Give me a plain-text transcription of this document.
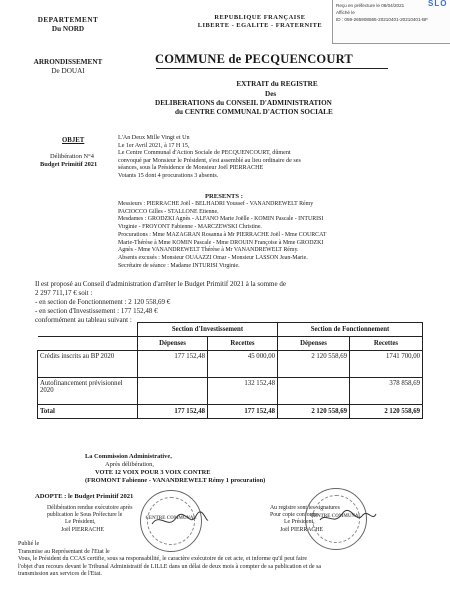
Reçu en préfecture le 06/04/2021
Affiché le
ID : 059-265908565-20210401-20210401-BF
SLO
DEPARTEMENT
Du NORD
ARRONDISSEMENT
De DOUAI
REPUBLIQUE FRANÇAISE
LIBERTE - EGALITE - FRATERNITE
COMMUNE de PECQUENCOURT
EXTRAIT du REGISTRE
Des
DELIBERATIONS du CONSEIL D'ADMINISTRATION
du CENTRE COMMUNAL D'ACTION SOCIALE
OBJET
Délibération N°4
Budget Primitif 2021
L'An Deux Mille Vingt et Un
Le 1er Avril 2021, à 17 H 15,
Le Centre Communal d'Action Sociale de PECQUENCOURT, dûment
convoqué par Monsieur le Président, s'est assemblé au lieu ordinaire de ses
séances, sous la Présidence de Monsieur Joël PIERRACHE
Votants 15 dont 4 procurations 3 absents.
PRESENTS :
Messieurs : PIERRACHE Joël - BELHADRI Youssef - VANANDREWELT Rémy
PACIOCCO Gilles - STALLONE Etienne.
Mesdames : GRODZKI Agnès - ALFANO Marie Joëlle - KOMIN Pascale - INTURISI
Virginie - FROYONT Fabienne - MARCZEWSKI Christine.
Procurations : Mme MAZAGRAN Rosanna à Mr PIERRACHE Joël - Mme COURCAT
Marie-Thérèse à Mme KOMIN Pascale - Mme DROUIN Françoise à Mme GRODZKI
Agnès - Mme VANANDREWELT Thérèse à Mr VANANDREWELT Rémy.
Absents excusés : Monsieur OUAAZZI Omar - Monsieur LASSON Jean-Marie.
Secrétaire de séance : Madame INTURISI Virginie.
Il est proposé au Conseil d'administration d'arrêter le Budget Primitif 2021 à la somme de
2 297 711,17 € soit :
- en section de Fonctionnement : 2 120 558,69 €
- en section d'Investissement : 177 152,48 €
conformément au tableau suivant :
	Section d'Investissement		Section de Fonctionnement	
	Dépenses	Recettes	Dépenses	Recettes
Crédits inscrits au BP 2020	177 152,48	45 000,00	2 120 558,69	1741 700,00
Autofinancement prévisionnel 2020		132 152,48		378 858,69
Total	177 152,48	177 152,48	2 120 558,69	2 120 558,69
La Commission Administrative,
Après délibération,
VOTE 12 VOIX POUR 3 VOIX CONTRE
(FROMONT Fabienne - VANANDREWELT Rémy 1 procuration)
ADOPTE : le Budget Primitif 2021
Délibération rendue exécutoire après
publication le Sous Préfecture le
Le Président,
Joël PIERRACHE
Au registre sont les signatures
Pour copie conforme
Le Président,
Joël PIERRACHE
CENTRE COMMUNAL	CENTRE COMMUNAL
Publié le
Transmise au Représentant de l'Etat le
Vous, le Président du CCAS certifie, sous sa responsabilité, le caractère exécutoire de cet acte, et informe qu'il peut faire
l'objet d'un recours devant le Tribunal Administratif de LILLE dans un délai de deux mois à compter de sa publication et de sa
transmission aux services de l'Etat.
